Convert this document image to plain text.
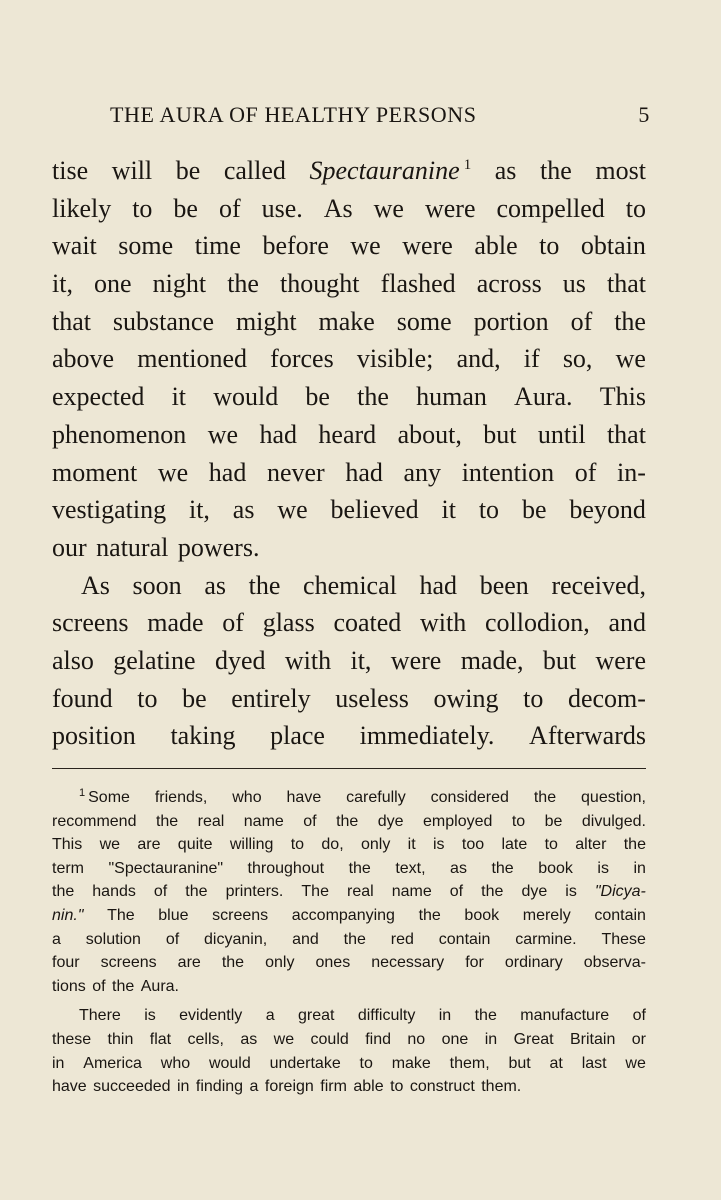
THE AURA OF HEALTHY PERSONS	5
tise will be called Spectauranine $^1$ as the most
likely to be of use. As we were compelled to
wait some time before we were able to obtain
it, one night the thought flashed across us that
that substance might make some portion of the
above mentioned forces visible; and, if so, we
expected it would be the human Aura. This
phenomenon we had heard about, but until that
moment we had never had any intention of in-
vestigating it, as we believed it to be beyond
our
natural
powers.
As soon as the chemical had been received,
screens made of glass coated with collodion, and
also gelatine dyed with it, were made, but were
found to be entirely useless owing to decom-
position taking place immediately. Afterwards
$^1$ Some friends, who have carefully considered the question,
recommend the real name of the dye employed to be divulged.
This we are quite willing to do, only it is too late to alter the
term "Spectauranine" throughout the text, as the book is in
the hands of the printers. The real name of the dye is "Dicya-
nin." The blue screens accompanying the book merely contain
a solution of dicyanin, and the red contain carmine. These
four screens are the only ones necessary for ordinary observa-
tions
of
the
Aura.
There is evidently a great difficulty in the manufacture of
these thin flat cells, as we could find no one in Great Britain or
in America who would undertake to make them, but at last we
have
succeeded
in
finding
a
foreign
firm
able
to
construct
them.
